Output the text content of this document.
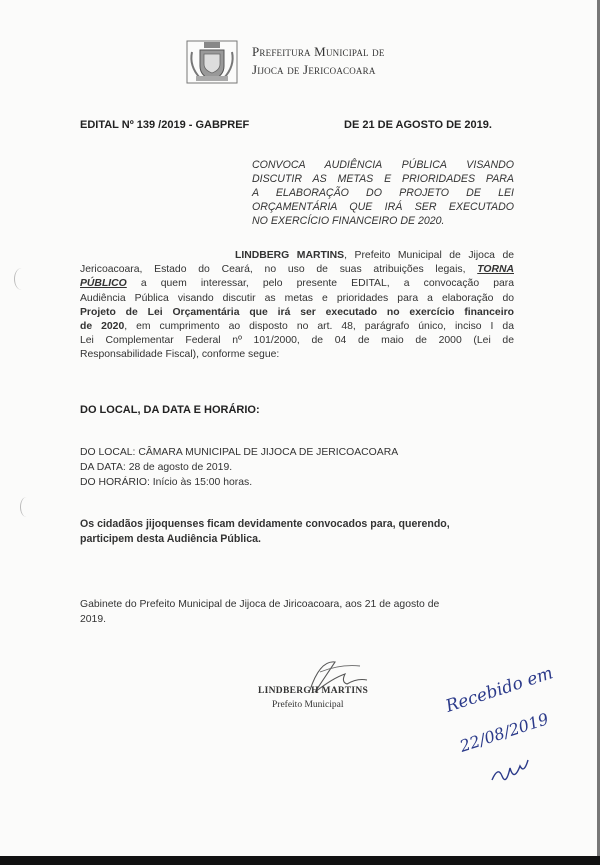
Prefeitura Municipal de
Jijoca de Jericoacoara
EDITAL Nº 139 /2019 - GABPREF	DE 21 DE AGOSTO DE 2019.
CONVOCA AUDIÊNCIA PÚBLICA VISANDO
DISCUTIR AS METAS E PRIORIDADES PARA
A ELABORAÇÃO DO PROJETO DE LEI
ORÇAMENTÁRIA QUE IRÁ SER EXECUTADO
NO EXERCÍCIO FINANCEIRO DE 2020.
LINDBERG MARTINS, Prefeito Municipal de Jijoca de
Jericoacoara, Estado do Ceará, no uso de suas atribuições legais, TORNA
PÚBLICO a quem interessar, pelo presente EDITAL, a convocação para
Audiência Pública visando discutir as metas e prioridades para a elaboração do
Projeto de Lei Orçamentária que irá ser executado no exercício financeiro
de 2020, em cumprimento ao disposto no art. 48, parágrafo único, inciso I da
Lei Complementar Federal nº 101/2000, de 04 de maio de 2000 (Lei de
Responsabilidade Fiscal), conforme segue:
DO LOCAL, DA DATA E HORÁRIO:
DO LOCAL: CÂMARA MUNICIPAL DE JIJOCA DE JERICOACOARA
DA DATA: 28 de agosto de 2019.
DO HORÁRIO: Início às 15:00 horas.
Os cidadãos jijoquenses ficam devidamente convocados para, querendo,
participem desta Audiência Pública.
Gabinete do Prefeito Municipal de Jijoca de Jiricoacoara, aos 21 de agosto de
2019.
LINDBERGH MARTINS
Prefeito Municipal	Recebido em
22/08/2019
